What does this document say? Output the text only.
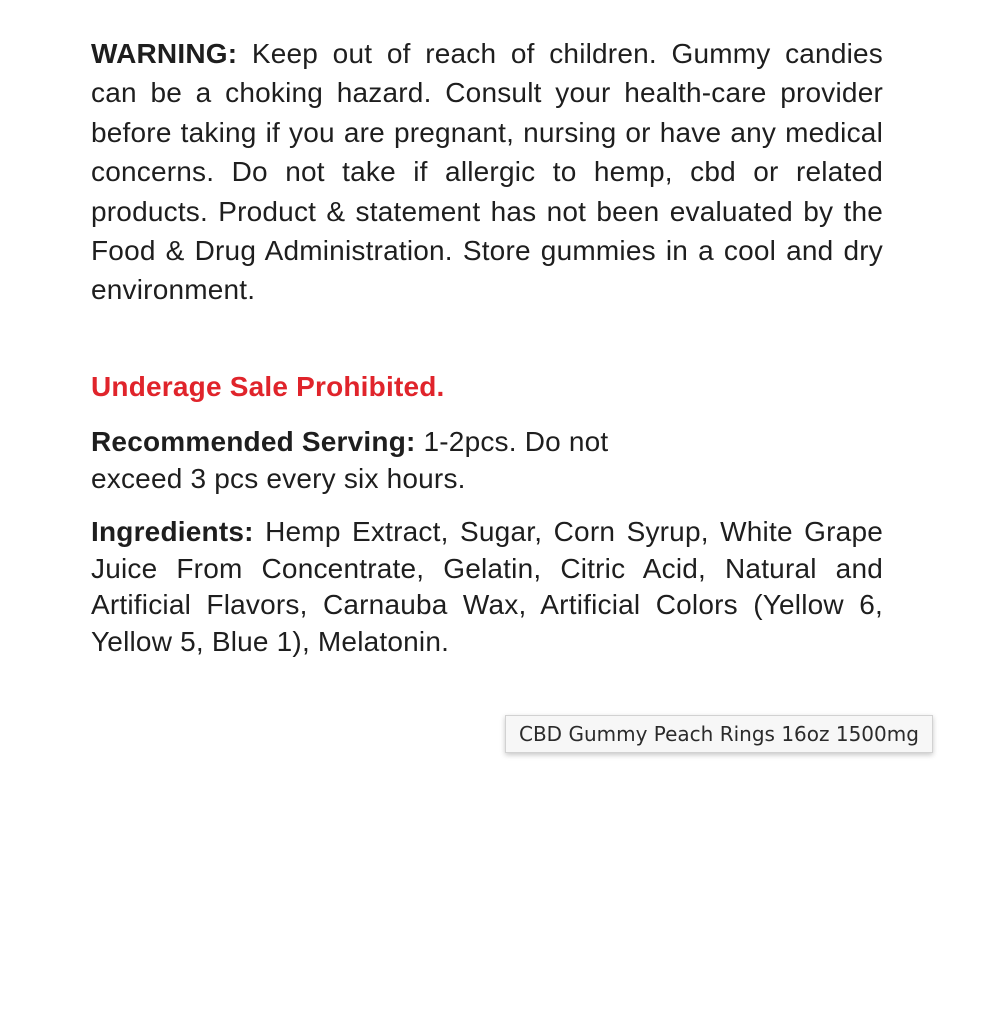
WARNING: Keep out of reach of children. Gummy candies can be a choking hazard. Consult your health-care provider before taking if you are pregnant, nursing or have any medical concerns. Do not take if allergic to hemp, cbd or related products. Product & statement has not been evaluated by the Food & Drug Administration. Store gummies in a cool and dry environment.
Underage Sale Prohibited.
Recommended Serving: 1-2pcs. Do not exceed 3 pcs every six hours.
Ingredients: Hemp Extract, Sugar, Corn Syrup, White Grape Juice From Concentrate, Gelatin, Citric Acid, Natural and Artificial Flavors, Carnauba Wax, Artificial Colors (Yellow 6, Yellow 5, Blue 1), Melatonin.
CBD Gummy Peach Rings 16oz 1500mg
